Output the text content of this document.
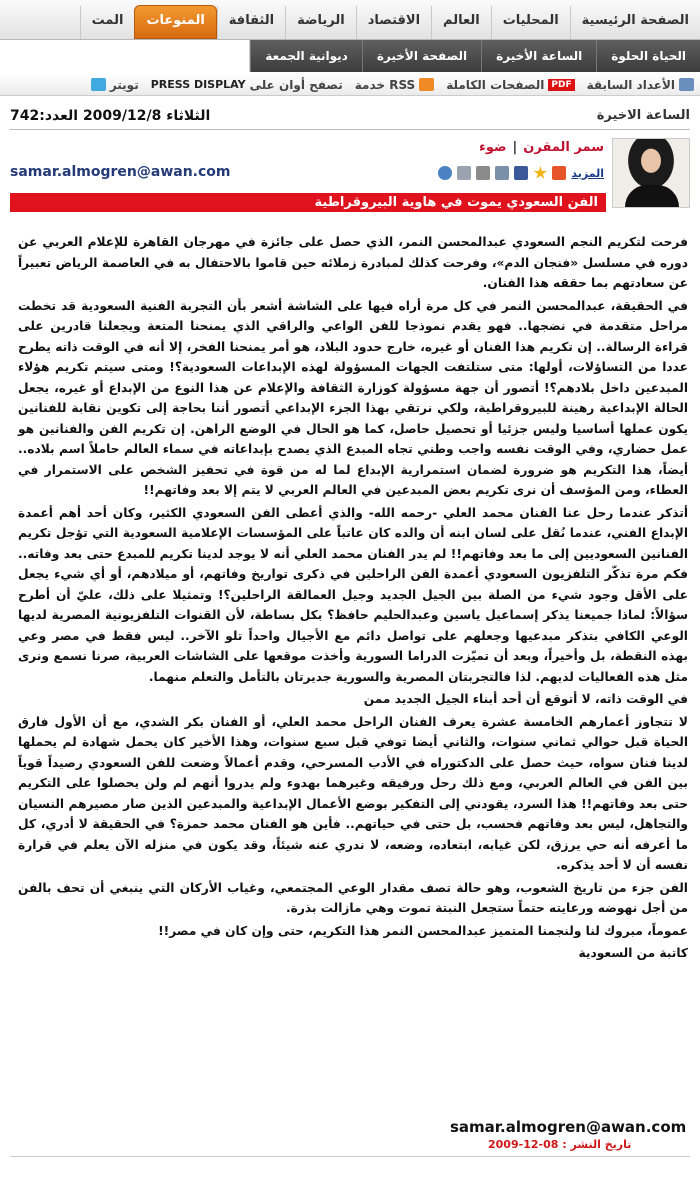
الصفحة الرئيسية
المحليات
العالم
الاقتصاد
الرياضة
الثقافة
المنوعات
المت
الحياة الحلوة
الساعة الأخيرة
الصفحة الأخيرة
ديوانية الجمعة
الأعداد السابقة
PDF
الصفحات الكاملة
خدمة RSS
تصفح أوان على
PRESS DISPLAY
تويتر
الساعة الاخيرة
الثلاثاء 2009/12/8 العدد:742
سمر المقرن|ضوء
المزيد
samar.almogren@awan.com
الفن السعودي يموت في هاوية البيروقراطية

فرحت لتكريم النجم السعودي عبدالمحسن النمر، الذي حصل على جائزة في مهرجان القاهرة للإعلام العربي عن دوره في مسلسل «فنجان الدم»، وفرحت كذلك لمبادرة زملائه حين قاموا بالاحتفال به في العاصمة الرياض تعبيراً عن سعادتهم بما حققه هذا الفنان.

في الحقيقة، عبدالمحسن النمر في كل مرة أراه فيها على الشاشة أشعر بأن التجربة الفنية السعودية قد تخطت مراحل متقدمة في نضجها.. فهو يقدم نموذجا للفن الواعي والراقي الذي يمنحنا المتعة ويجعلنا قادرين على قراءة الرسالة.. إن تكريم هذا الفنان أو غيره، خارج حدود البلاد، هو أمر يمنحنا الفخر، إلا أنه في الوقت ذاته يطرح عددا من التساؤلات، أولها: متى ستلتفت الجهات المسؤولة لهذه الإبداعات السعودية؟! ومتى سيتم تكريم هؤلاء المبدعين داخل بلادهم؟! أتصور أن جهة مسؤولة كوزارة الثقافة والإعلام عن هذا النوع من الإبداع أو غيره، يجعل الحالة الإبداعية رهينة للبيروقراطية، ولكي نرتقي بهذا الجزء الإبداعي أتصور أننا بحاجة إلى تكوين نقابة للفنانين يكون عملها أساسيا وليس جزئيا أو تحصيل حاصل، كما هو الحال في الوضع الراهن. إن تكريم الفن والفنانين هو عمل حضاري، وفي الوقت نفسه واجب وطني تجاه المبدع الذي يصدح بإبداعاته في سماء العالم حاملاً اسم بلاده.. أيضاً، هذا التكريم هو ضرورة لضمان استمرارية الإبداع لما له من قوة في تحفيز الشخص على الاستمرار في العطاء، ومن المؤسف أن نرى تكريم بعض المبدعين في العالم العربي لا يتم إلا بعد وفاتهم!!

أتذكر عندما رحل عنا الفنان محمد العلي -رحمه الله- والذي أعطى الفن السعودي الكثير، وكان أحد أهم أعمدة الإبداع الفني، عندما نُقل على لسان ابنه أن والده كان عاتباً على المؤسسات الإعلامية السعودية التي تؤجل تكريم الفنانين السعوديين إلى ما بعد وفاتهم!! لم يدر الفنان محمد العلي أنه لا يوجد لدينا تكريم للمبدع حتى بعد وفاته.. فكم مرة تذكّر التلفزيون السعودي أعمدة الفن الراحلين في ذكرى تواريخ وفاتهم، أو ميلادهم، أو أي شيء يجعل على الأقل وجود شيء من الصلة بين الجيل الجديد وجيل العمالقة الراحلين؟! وتمثيلا على ذلك، عليّ أن أطرح سؤالاً: لماذا جميعنا يذكر إسماعيل ياسين وعبدالحليم حافظ؟ بكل بساطة، لأن القنوات التلفزيونية المصرية لديها الوعي الكافي بتذكر مبدعيها وجعلهم على تواصل دائم مع الأجيال واحداً تلو الآخر.. ليس فقط في مصر وعي بهذه النقطة، بل وأخيراً، وبعد أن تميّزت الدراما السورية وأخذت موقعها على الشاشات العربية، صرنا نسمع ونرى مثل هذه الفعاليات لديهم. لذا فالتجربتان المصرية والسورية جديرتان بالتأمل والتعلم منهما.

في الوقت ذاته، لا أتوقع أن أحد أبناء الجيل الجديد ممن

لا تتجاوز أعمارهم الخامسة عشرة يعرف الفنان الراحل محمد العلي، أو الفنان بكر الشدي، مع أن الأول فارق الحياة قبل حوالي ثماني سنوات، والثاني أيضا توفي قبل سبع سنوات، وهذا الأخير كان يحمل شهادة لم يحملها لدينا فنان سواه، حيث حصل على الدكتوراه في الأدب المسرحي، وقدم أعمالاً وضعت للفن السعودي رصيداً قوياً بين الفن في العالم العربي، ومع ذلك رحل ورفيقه وغيرهما بهدوء ولم يدروا أنهم لم ولن يحصلوا على التكريم حتى بعد وفاتهم!! هذا السرد، يقودني إلى التفكير بوضع الأعمال الإبداعية والمبدعين الذين صار مصيرهم النسيان والتجاهل، ليس بعد وفاتهم فحسب، بل حتى في حياتهم.. فأين هو الفنان محمد حمزة؟ في الحقيقة لا أدري، كل ما أعرفه أنه حي يرزق، لكن غيابه، ابتعاده، وضعه، لا ندري عنه شيئاً، وقد يكون في منزله الآن يعلم في قرارة نفسه أن لا أحد يذكره.

الفن جزء من تاريخ الشعوب، وهو حالة تصف مقدار الوعي المجتمعي، وغياب الأركان التي ينبغي أن تحف بالفن من أجل نهوضه ورعايته حتماً ستجعل النبتة تموت وهي مازالت بذرة.

عموماً، مبروك لنا ولنجمنا المتميز عبدالمحسن النمر هذا التكريم، حتى وإن كان في مصر!!

كاتبة من السعودية

samar.almogren@awan.com
تاريخ النشر : 08-12-2009
